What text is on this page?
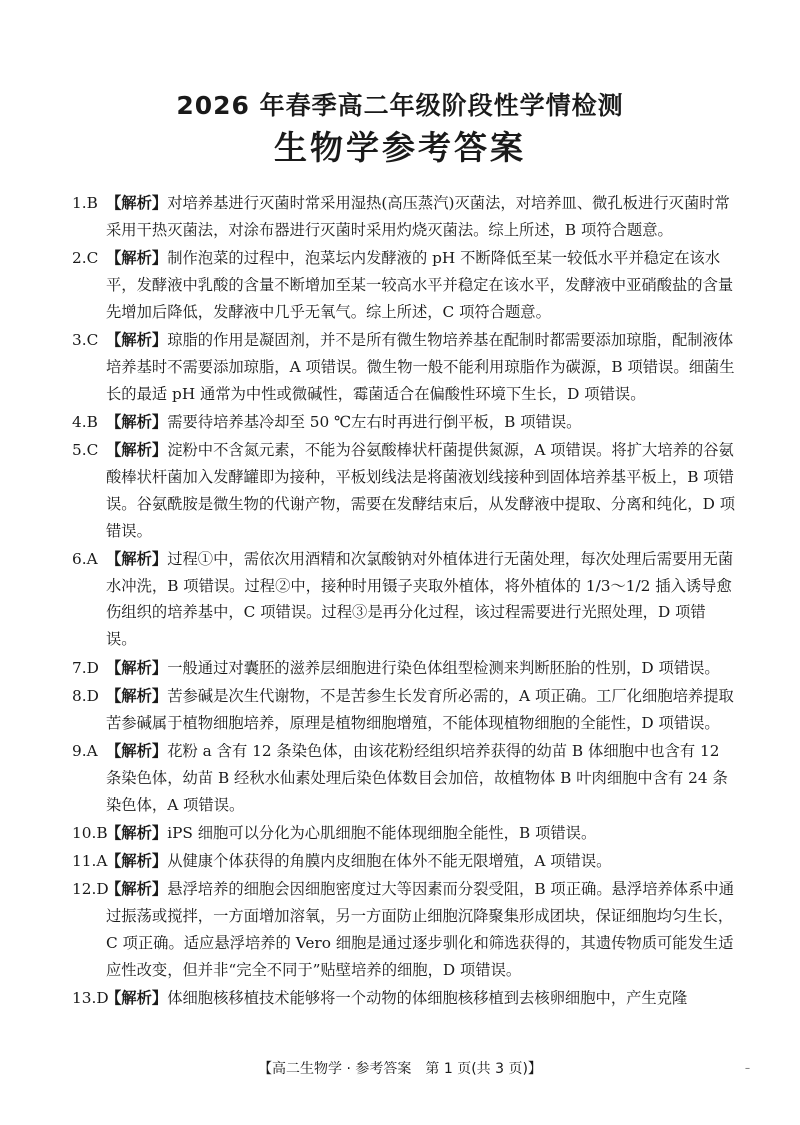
2026 年春季高二年级阶段性学情检测
生物学参考答案
1.B 【解析】对培养基进行灭菌时常采用湿热(高压蒸汽)灭菌法，对培养皿、微孔板进行灭菌时常采用干热灭菌法，对涂布器进行灭菌时采用灼烧灭菌法。综上所述，B 项符合题意。
2.C 【解析】制作泡菜的过程中，泡菜坛内发酵液的 pH 不断降低至某一较低水平并稳定在该水平，发酵液中乳酸的含量不断增加至某一较高水平并稳定在该水平，发酵液中亚硝酸盐的含量先增加后降低，发酵液中几乎无氧气。综上所述，C 项符合题意。
3.C 【解析】琼脂的作用是凝固剂，并不是所有微生物培养基在配制时都需要添加琼脂，配制液体培养基时不需要添加琼脂，A 项错误。微生物一般不能利用琼脂作为碳源，B 项错误。细菌生长的最适 pH 通常为中性或微碱性，霉菌适合在偏酸性环境下生长，D 项错误。
4.B 【解析】需要待培养基冷却至 50 ℃左右时再进行倒平板，B 项错误。
5.C 【解析】淀粉中不含氮元素，不能为谷氨酸棒状杆菌提供氮源，A 项错误。将扩大培养的谷氨酸棒状杆菌加入发酵罐即为接种，平板划线法是将菌液划线接种到固体培养基平板上，B 项错误。谷氨酰胺是微生物的代谢产物，需要在发酵结束后，从发酵液中提取、分离和纯化，D 项错误。
6.A 【解析】过程①中，需依次用酒精和次氯酸钠对外植体进行无菌处理，每次处理后需要用无菌水冲洗，B 项错误。过程②中，接种时用镊子夹取外植体，将外植体的 1/3～1/2 插入诱导愈伤组织的培养基中，C 项错误。过程③是再分化过程，该过程需要进行光照处理，D 项错误。
7.D 【解析】一般通过对囊胚的滋养层细胞进行染色体组型检测来判断胚胎的性别，D 项错误。
8.D 【解析】苦参碱是次生代谢物，不是苦参生长发育所必需的，A 项正确。工厂化细胞培养提取苦参碱属于植物细胞培养，原理是植物细胞增殖，不能体现植物细胞的全能性，D 项错误。
9.A 【解析】花粉 a 含有 12 条染色体，由该花粉经组织培养获得的幼苗 B 体细胞中也含有 12 条染色体，幼苗 B 经秋水仙素处理后染色体数目会加倍，故植物体 B 叶肉细胞中含有 24 条染色体，A 项错误。
10.B
【解析】iPS 细胞可以分化为心肌细胞不能体现细胞全能性，B 项错误。
11.A
【解析】从健康个体获得的角膜内皮细胞在体外不能无限增殖，A 项错误。
12.D
【解析】悬浮培养的细胞会因细胞密度过大等因素而分裂受阻，B 项正确。悬浮培养体系中通过振荡或搅拌，一方面增加溶氧，另一方面防止细胞沉降聚集形成团块，保证细胞均匀生长，C 项正确。适应悬浮培养的 Vero 细胞是通过逐步驯化和筛选获得的，其遗传物质可能发生适应性改变，但并非“完全不同于”贴壁培养的细胞，D 项错误。
13.D
【解析】体细胞核移植技术能够将一个动物的体细胞核移植到去核卵细胞中，产生克隆
【高二生物学 · 参考答案　第 1 页(共 3 页)】	–
